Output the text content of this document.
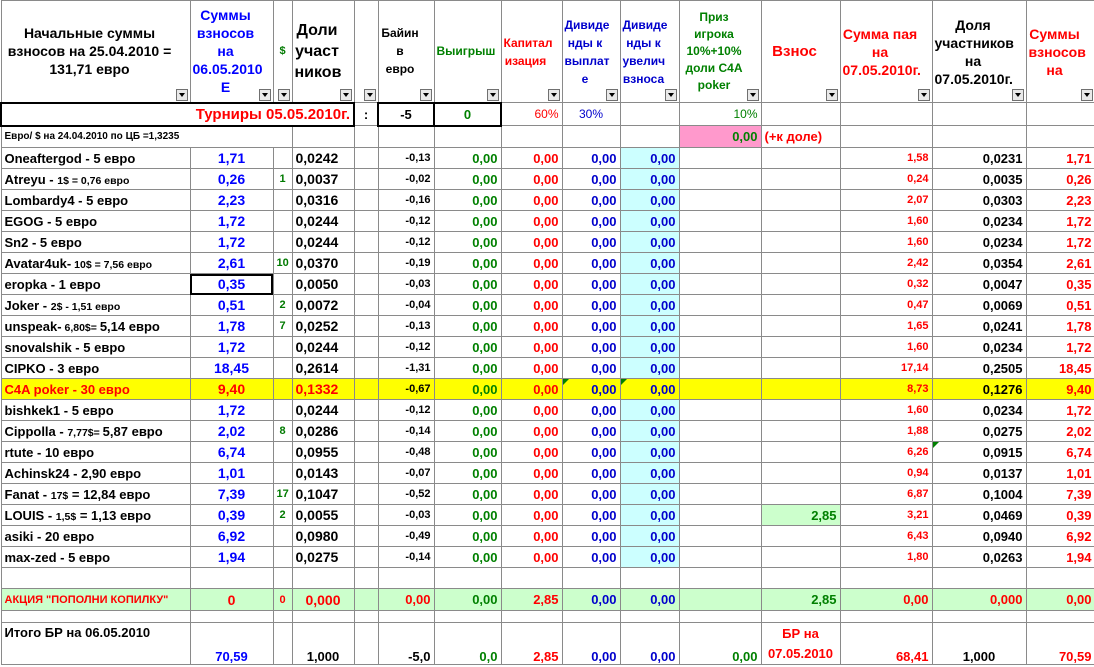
Начальные суммы взносов на 25.04.2010 = 131,71 евро	Суммы взносов на 06.05.2010 Е	$	Доли участ ников		Байин в евро	Выигрыш	Капитал изация	Дивиде нды к выплат е	Дивиде нды к увелич взноса	Приз игрока 10%+10% доли С4А poker	Взнос	Сумма пая на 07.05.2010г.	Доля участников на 07.05.2010г.	Суммы взносов на

Турниры 05.05.2010г.				:	-5	0	60%	30%		10%				
Евро/ $ на 24.04.2010 по ЦБ =1,3235										0,00	(+к доле)			
Oneaftergod - 5 евро	1,71		0,0242		-0,13	0,00	0,00	0,00	0,00			1,58	0,0231	1,71
Atreyu - 1$ = 0,76 евро	0,26	1	0,0037		-0,02	0,00	0,00	0,00	0,00			0,24	0,0035	0,26
Lombardy4 - 5 евро	2,23		0,0316		-0,16	0,00	0,00	0,00	0,00			2,07	0,0303	2,23
EGOG - 5 евро	1,72		0,0244		-0,12	0,00	0,00	0,00	0,00			1,60	0,0234	1,72
Sn2 - 5 евро	1,72		0,0244		-0,12	0,00	0,00	0,00	0,00			1,60	0,0234	1,72
Avatar4uk- 10$ = 7,56 евро	2,61	10	0,0370		-0,19	0,00	0,00	0,00	0,00			2,42	0,0354	2,61
eropka - 1 евро	0,35		0,0050		-0,03	0,00	0,00	0,00	0,00			0,32	0,0047	0,35
Joker - 2$ - 1,51 евро	0,51	2	0,0072		-0,04	0,00	0,00	0,00	0,00			0,47	0,0069	0,51
unspeak- 6,80$= 5,14 евро	1,78	7	0,0252		-0,13	0,00	0,00	0,00	0,00			1,65	0,0241	1,78
snovalshik - 5 евро	1,72		0,0244		-0,12	0,00	0,00	0,00	0,00			1,60	0,0234	1,72
CIPKO - 3 евро	18,45		0,2614		-1,31	0,00	0,00	0,00	0,00			17,14	0,2505	18,45
C4A poker - 30 евро	9,40		0,1332		-0,67	0,00	0,00	0,00	0,00			8,73	0,1276	9,40
bishkek1 - 5 евро	1,72		0,0244		-0,12	0,00	0,00	0,00	0,00			1,60	0,0234	1,72
Cippolla - 7,77$= 5,87 евро	2,02	8	0,0286		-0,14	0,00	0,00	0,00	0,00			1,88	0,0275	2,02
rtute - 10 евро	6,74		0,0955		-0,48	0,00	0,00	0,00	0,00			6,26	0,0915	6,74
Achinsk24 - 2,90 евро	1,01		0,0143		-0,07	0,00	0,00	0,00	0,00			0,94	0,0137	1,01
Fanat - 17$ = 12,84 евро	7,39	17	0,1047		-0,52	0,00	0,00	0,00	0,00			6,87	0,1004	7,39
LOUIS - 1,5$ = 1,13 евро	0,39	2	0,0055		-0,03	0,00	0,00	0,00	0,00		2,85	3,21	0,0469	0,39
asiki - 20 евро	6,92		0,0980		-0,49	0,00	0,00	0,00	0,00			6,43	0,0940	6,92
max-zed - 5 евро	1,94		0,0275		-0,14	0,00	0,00	0,00	0,00			1,80	0,0263	1,94

АКЦИЯ "ПОПОЛНИ КОПИЛКУ"	0	0	0,000		0,00	0,00	2,85	0,00	0,00		2,85	0,00	0,000	0,00

Итого БР на 06.05.2010	70,59		1,000		-5,0	0,0	2,85	0,00	0,00	0,00	БР на 07.05.2010	68,41	1,000	70,59
